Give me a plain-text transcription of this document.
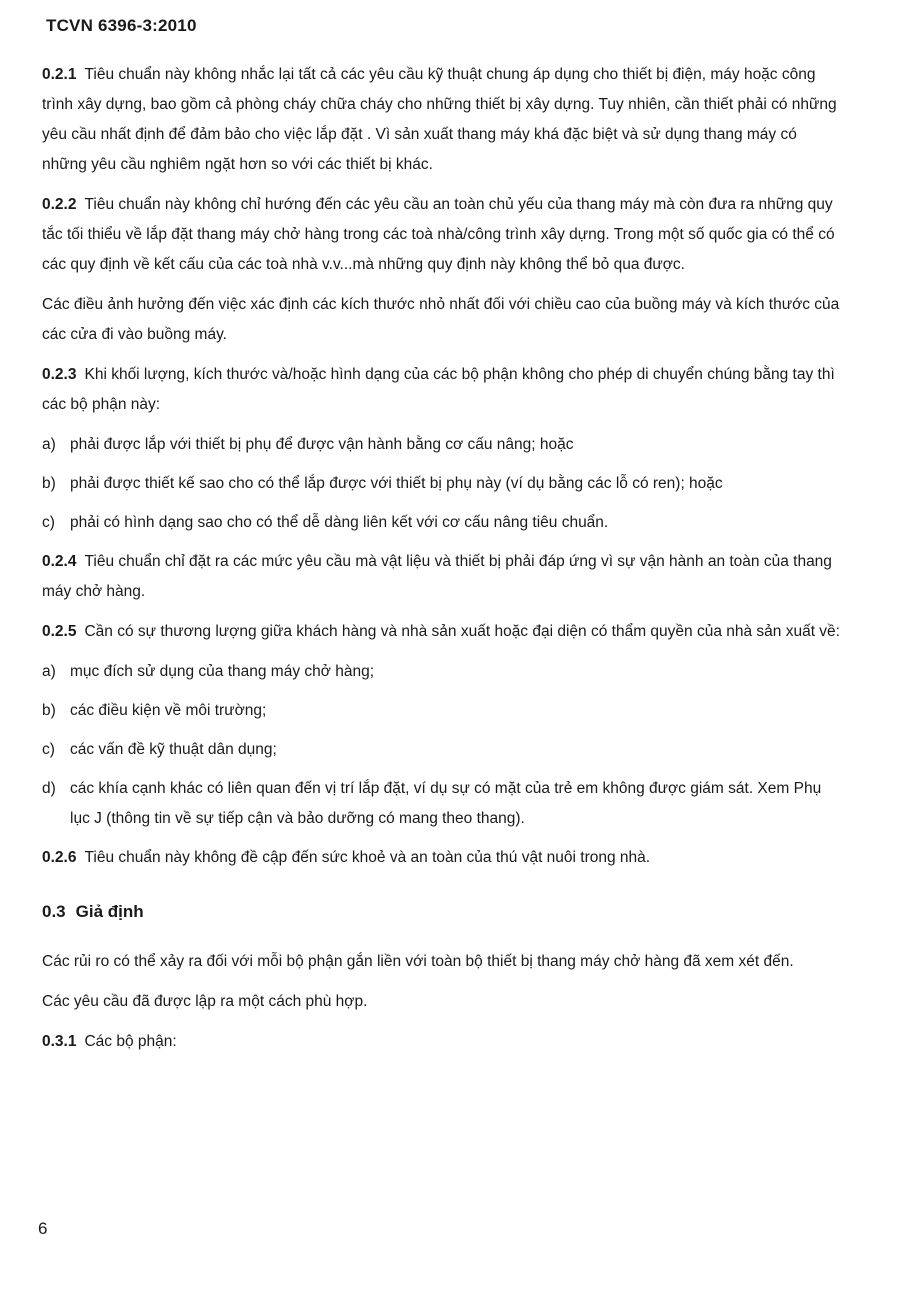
TCVN 6396-3:2010

0.2.1 Tiêu chuẩn này không nhắc lại tất cả các yêu cầu kỹ thuật chung áp dụng cho thiết bị điện, máy hoặc công trình xây dựng, bao gồm cả phòng cháy chữa cháy cho những thiết bị xây dựng. Tuy nhiên, cần thiết phải có những yêu cầu nhất định để đảm bảo cho việc lắp đặt . Vì sản xuất thang máy khá đặc biệt và sử dụng thang máy có những yêu cầu nghiêm ngặt hơn so với các thiết bị khác.

0.2.2 Tiêu chuẩn này không chỉ hướng đến các yêu cầu an toàn chủ yếu của thang máy mà còn đưa ra những quy tắc tối thiểu về lắp đặt thang máy chở hàng trong các toà nhà/công trình xây dựng. Trong một số quốc gia có thể có các quy định về kết cấu của các toà nhà v.v...mà những quy định này không thể bỏ qua được.

Các điều ảnh hưởng đến việc xác định các kích thước nhỏ nhất đối với chiều cao của buồng máy và kích thước của các cửa đi vào buồng máy.

0.2.3 Khi khối lượng, kích thước và/hoặc hình dạng của các bộ phận không cho phép di chuyển chúng bằng tay thì các bộ phận này:

a) phải được lắp với thiết bị phụ để được vận hành bằng cơ cấu nâng; hoặc
b) phải được thiết kế sao cho có thể lắp được với thiết bị phụ này (ví dụ bằng các lỗ có ren); hoặc
c) phải có hình dạng sao cho có thể dễ dàng liên kết với cơ cấu nâng tiêu chuẩn.

0.2.4 Tiêu chuẩn chỉ đặt ra các mức yêu cầu mà vật liệu và thiết bị phải đáp ứng vì sự vận hành an toàn của thang máy chở hàng.

0.2.5 Cần có sự thương lượng giữa khách hàng và nhà sản xuất hoặc đại diện có thẩm quyền của nhà sản xuất về:

a) mục đích sử dụng của thang máy chở hàng;
b) các điều kiện về môi trường;
c) các vấn đề kỹ thuật dân dụng;
d) các khía cạnh khác có liên quan đến vị trí lắp đặt, ví dụ sự có mặt của trẻ em không được giám sát. Xem Phụ lục J (thông tin về sự tiếp cận và bảo dưỡng có mang theo thang).

0.2.6 Tiêu chuẩn này không đề cập đến sức khoẻ và an toàn của thú vật nuôi trong nhà.

0.3 Giả định

Các rủi ro có thể xảy ra đối với mỗi bộ phận gắn liền với toàn bộ thiết bị thang máy chở hàng đã xem xét đến.

Các yêu cầu đã được lập ra một cách phù hợp.

0.3.1 Các bộ phận:

6
